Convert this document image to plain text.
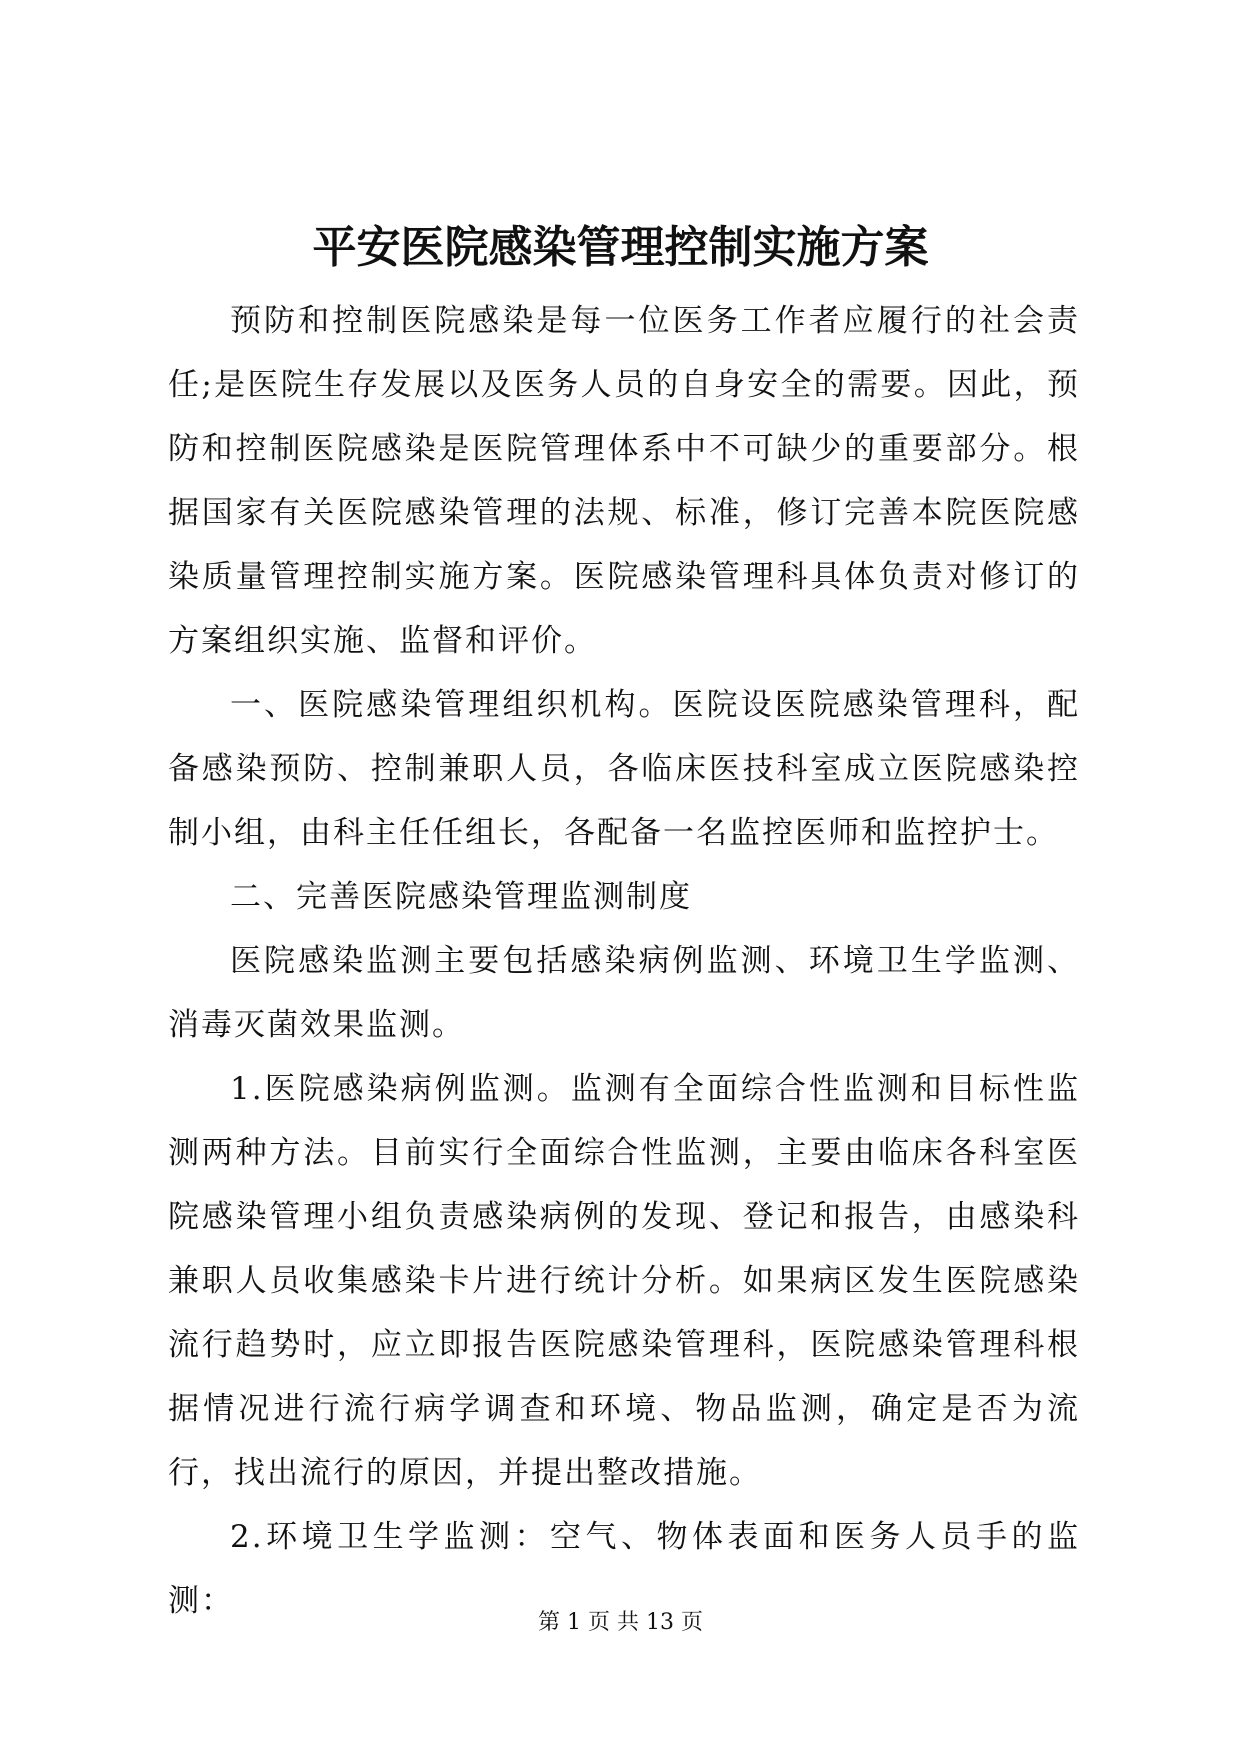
平安医院感染管理控制实施方案

预防和控制医院感染是每一位医务工作者应履行的社会责任;是医院生存发展以及医务人员的自身安全的需要。因此，预防和控制医院感染是医院管理体系中不可缺少的重要部分。根据国家有关医院感染管理的法规、标准，修订完善本院医院感染质量管理控制实施方案。医院感染管理科具体负责对修订的方案组织实施、监督和评价。

一、医院感染管理组织机构。医院设医院感染管理科，配备感染预防、控制兼职人员，各临床医技科室成立医院感染控制小组，由科主任任组长，各配备一名监控医师和监控护士。

二、完善医院感染管理监测制度

医院感染监测主要包括感染病例监测、环境卫生学监测、消毒灭菌效果监测。

1.医院感染病例监测。监测有全面综合性监测和目标性监测两种方法。目前实行全面综合性监测，主要由临床各科室医院感染管理小组负责感染病例的发现、登记和报告，由感染科兼职人员收集感染卡片进行统计分析。如果病区发生医院感染流行趋势时，应立即报告医院感染管理科，医院感染管理科根据情况进行流行病学调查和环境、物品监测，确定是否为流行，找出流行的原因，并提出整改措施。

2.环境卫生学监测：空气、物体表面和医务人员手的监测：

第 1 页 共 13 页
